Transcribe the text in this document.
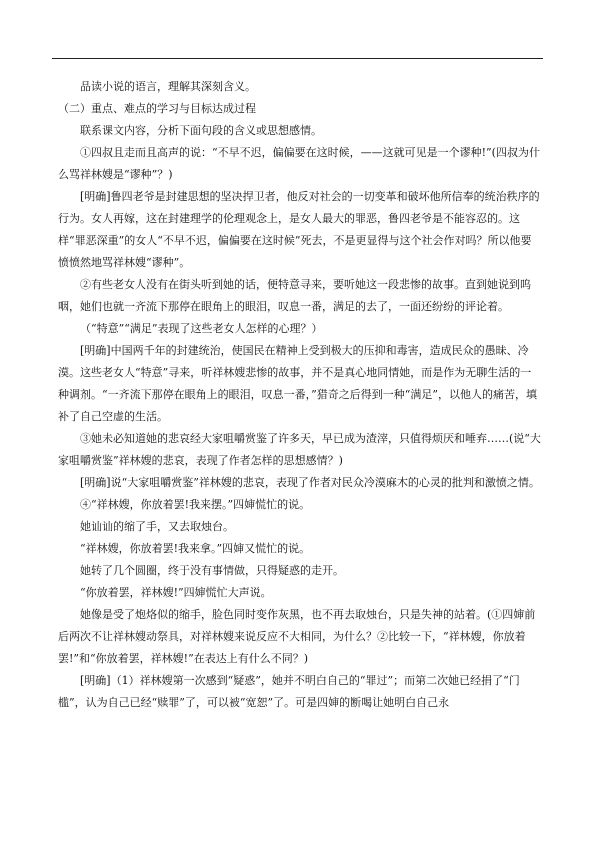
品读小说的语言，理解其深刻含义。

（二）重点、难点的学习与目标达成过程

联系课文内容，分析下面句段的含义或思想感情。

①四叔且走而且高声的说：“不早不迟，偏偏要在这时候，——这就可见是一个谬种!”(四叔为什么骂祥林嫂是“谬种”？)

[明确]鲁四老爷是封建思想的坚决捍卫者，他反对社会的一切变革和破坏他所信奉的统治秩序的行为。女人再嫁，这在封建理学的伦理观念上，是女人最大的罪恶，鲁四老爷是不能容忍的。这样“罪恶深重”的女人“不早不迟，偏偏要在这时候”死去，不是更显得与这个社会作对吗？所以他要愤愤然地骂祥林嫂“谬种”。

②有些老女人没有在街头听到她的话，便特意寻来，要听她这一段悲惨的故事。直到她说到呜咽，她们也就一齐流下那停在眼角上的眼泪，叹息一番，满足的去了，一面还纷纷的评论着。

（“特意”“满足”表现了这些老女人怎样的心理？）

[明确]中国两千年的封建统治，使国民在精神上受到极大的压抑和毒害，造成民众的愚昧、冷漠。这些老女人“特意”寻来，听祥林嫂悲惨的故事，并不是真心地同情她，而是作为无聊生活的一种调剂。“一齐流下那停在眼角上的眼泪，叹息一番，”猎奇之后得到一种“满足”，以他人的痛苦，填补了自己空虚的生活。

③她未必知道她的悲哀经大家咀嚼赏鉴了许多天，早已成为渣滓，只值得烦厌和唾弃……(说“大家咀嚼赏鉴”祥林嫂的悲哀，表现了作者怎样的思想感情？)

[明确]说“大家咀嚼赏鉴”祥林嫂的悲哀，表现了作者对民众冷漠麻木的心灵的批判和激愤之情。

④“祥林嫂，你放着罢!我来摆。”四婶慌忙的说。

她讪讪的缩了手，又去取烛台。

“祥林嫂，你放着罢!我来拿。”四婶又慌忙的说。

她转了几个圆圈，终于没有事情做，只得疑惑的走开。

“你放着罢，祥林嫂!”四婶慌忙大声说。

她像是受了炮烙似的缩手，脸色同时变作灰黑，也不再去取烛台，只是失神的站着。(①四婶前后两次不让祥林嫂动祭具，对祥林嫂来说反应不大相同，为什么？②比较一下，“祥林嫂，你放着罢!”和“你放着罢，祥林嫂!”在表达上有什么不同？)

[明确]（1）祥林嫂第一次感到“疑惑”，她并不明白自己的“罪过”；而第二次她已经捐了“门槛”，认为自己已经“赎罪”了，可以被“宽恕”了。可是四婶的断喝让她明白自己永
